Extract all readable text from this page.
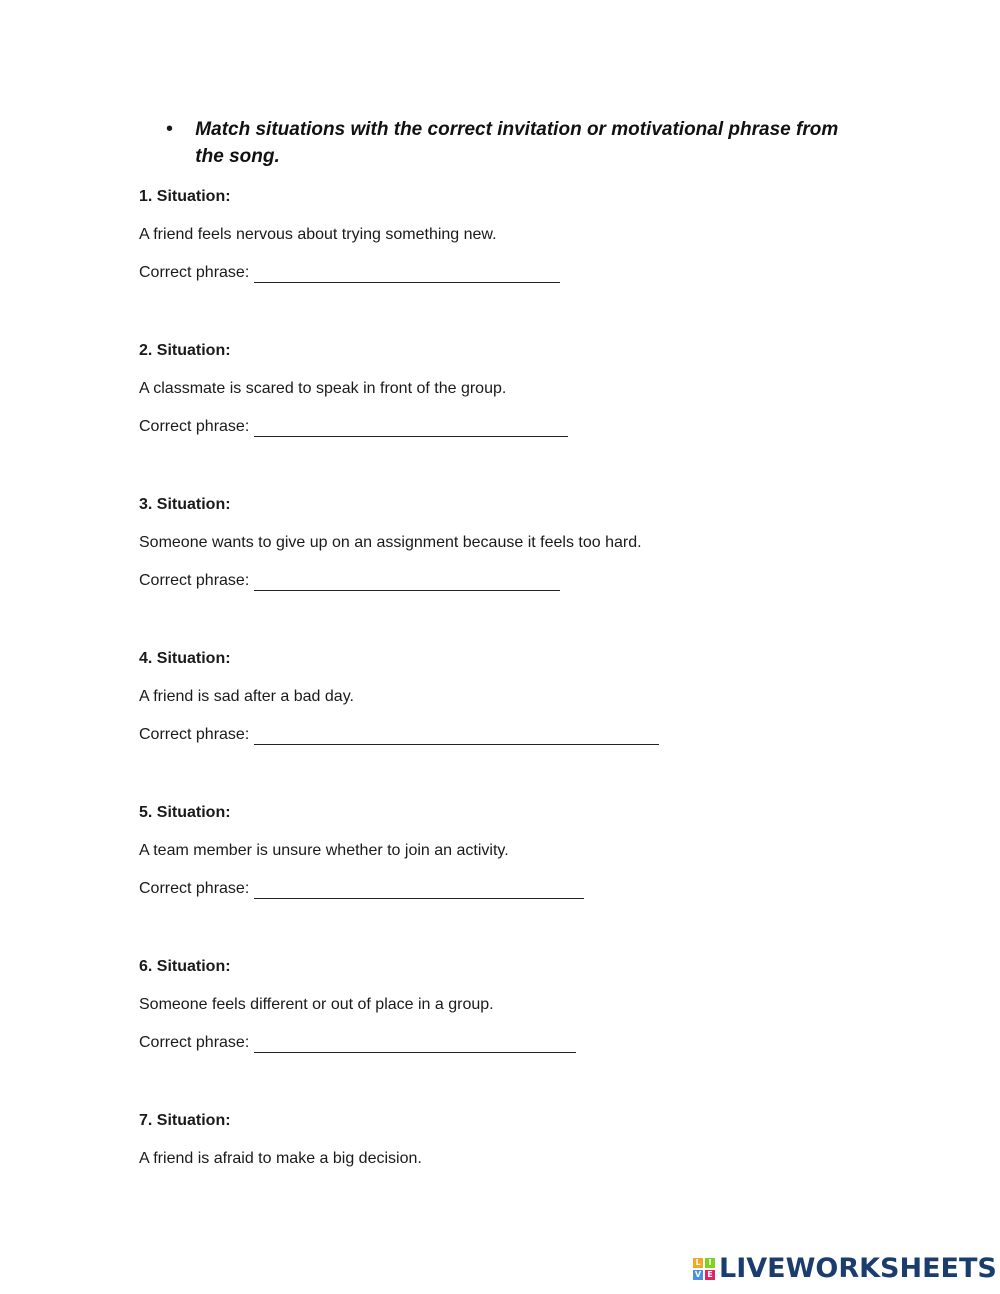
•	Match situations with the correct invitation or motivational phrase from the song.
1. Situation:
A friend feels nervous about trying something new.
Correct phrase:
2. Situation:
A classmate is scared to speak in front of the group.
Correct phrase:
3. Situation:
Someone wants to give up on an assignment because it feels too hard.
Correct phrase:
4. Situation:
A friend is sad after a bad day.
Correct phrase:
5. Situation:
A team member is unsure whether to join an activity.
Correct phrase:
6. Situation:
Someone feels different or out of place in a group.
Correct phrase:
7. Situation:
A friend is afraid to make a big decision.
L I
V E LIVEWORKSHEETS
